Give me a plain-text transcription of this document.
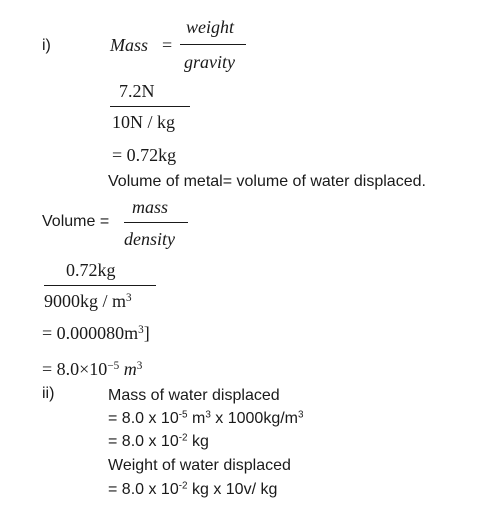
i)	Mass =
weight
gravity
7.2N
10N / kg
= 0.72kg
Volume of metal= volume of water displaced.
Volume =
mass
density
0.72kg
$9000kg / m^3$
= $0.000080m^3$]
= $8.0\times 10^{-5}$ $m^3$
ii)	Mass of water displaced
= 8.0 x $10^{-5}$ $m^3$ x $1000kg/m^3$
= 8.0 x $10^{-2}$ kg
Weight of water displaced
= 8.0 x $10^{-2}$ kg x 10v/ kg
